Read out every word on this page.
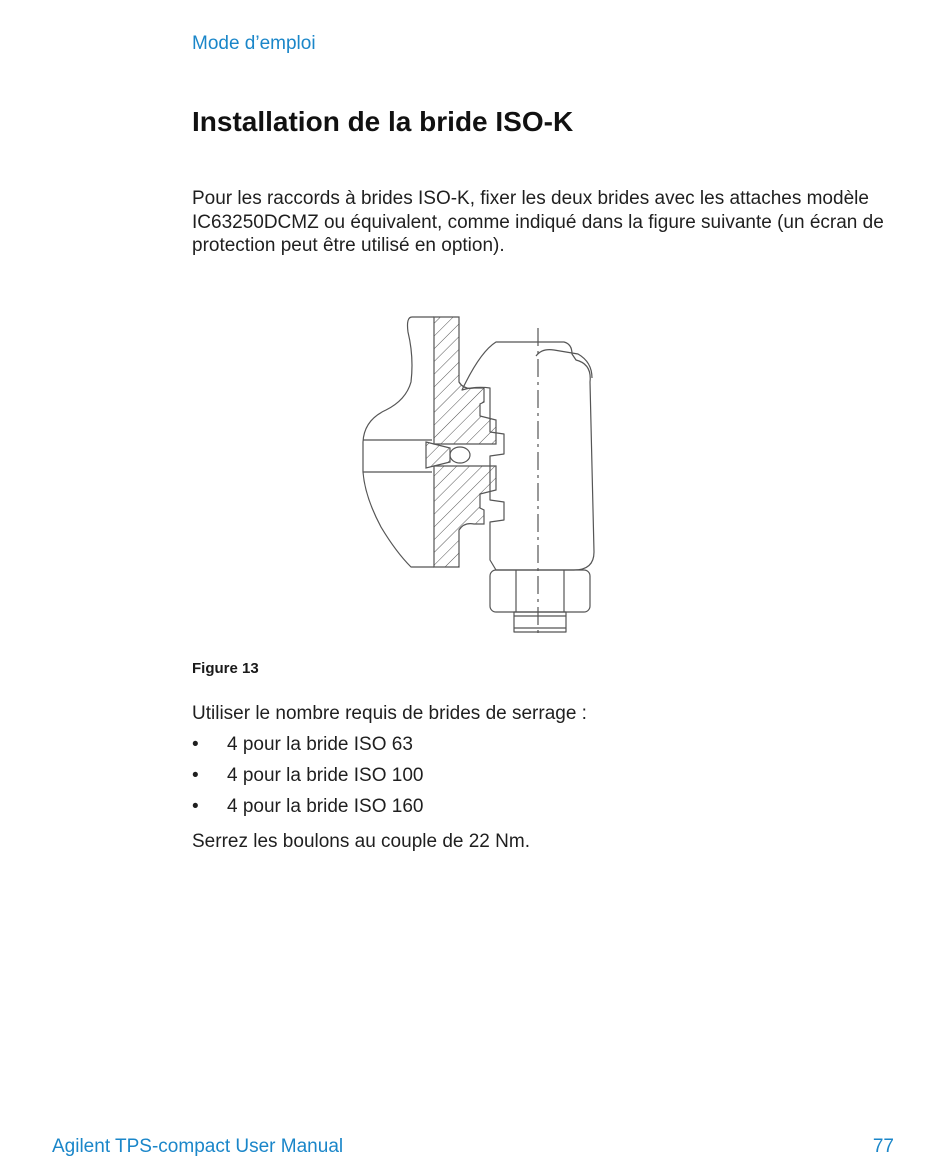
Mode d’emploi
Installation de la bride ISO-K

Pour les raccords à brides ISO-K, fixer les deux brides avec les attaches modèle IC63250DCMZ ou équivalent, comme indiqué dans la figure suivante (un écran de protection peut être utilisé en option).

Figure 13

Utiliser le nombre requis de brides de serrage :

• 4 pour la bride ISO 63
• 4 pour la bride ISO 100
• 4 pour la bride ISO 160

Serrez les boulons au couple de 22 Nm.

Agilent TPS-compact User Manual	77
